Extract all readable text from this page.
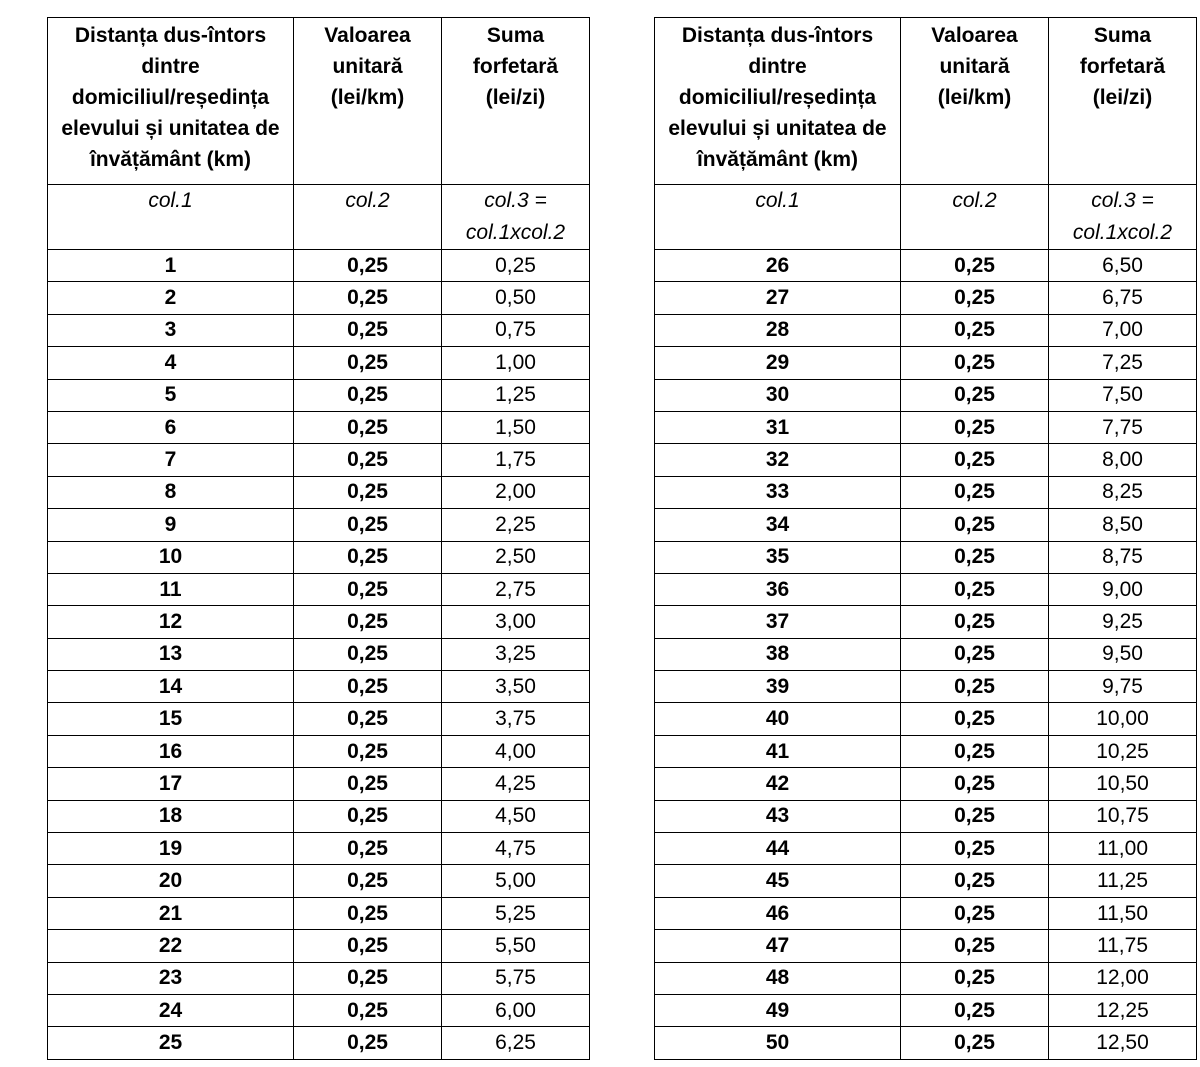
Distanța dus-întors dintre domiciliul/reședința elevului și unitatea de învățământ (km)	Valoarea unitară (lei/km)	Suma forfetară (lei/zi)
col.1	col.2	col.3 = col.1xcol.2
1	0,25	0,25
2	0,25	0,50
3	0,25	0,75
4	0,25	1,00
5	0,25	1,25
6	0,25	1,50
7	0,25	1,75
8	0,25	2,00
9	0,25	2,25
10	0,25	2,50
11	0,25	2,75
12	0,25	3,00
13	0,25	3,25
14	0,25	3,50
15	0,25	3,75
16	0,25	4,00
17	0,25	4,25
18	0,25	4,50
19	0,25	4,75
20	0,25	5,00
21	0,25	5,25
22	0,25	5,50
23	0,25	5,75
24	0,25	6,00
25	0,25	6,25
Distanța dus-întors dintre domiciliul/reședința elevului și unitatea de învățământ (km)	Valoarea unitară (lei/km)	Suma forfetară (lei/zi)
col.1	col.2	col.3 = col.1xcol.2
26	0,25	6,50
27	0,25	6,75
28	0,25	7,00
29	0,25	7,25
30	0,25	7,50
31	0,25	7,75
32	0,25	8,00
33	0,25	8,25
34	0,25	8,50
35	0,25	8,75
36	0,25	9,00
37	0,25	9,25
38	0,25	9,50
39	0,25	9,75
40	0,25	10,00
41	0,25	10,25
42	0,25	10,50
43	0,25	10,75
44	0,25	11,00
45	0,25	11,25
46	0,25	11,50
47	0,25	11,75
48	0,25	12,00
49	0,25	12,25
50	0,25	12,50
